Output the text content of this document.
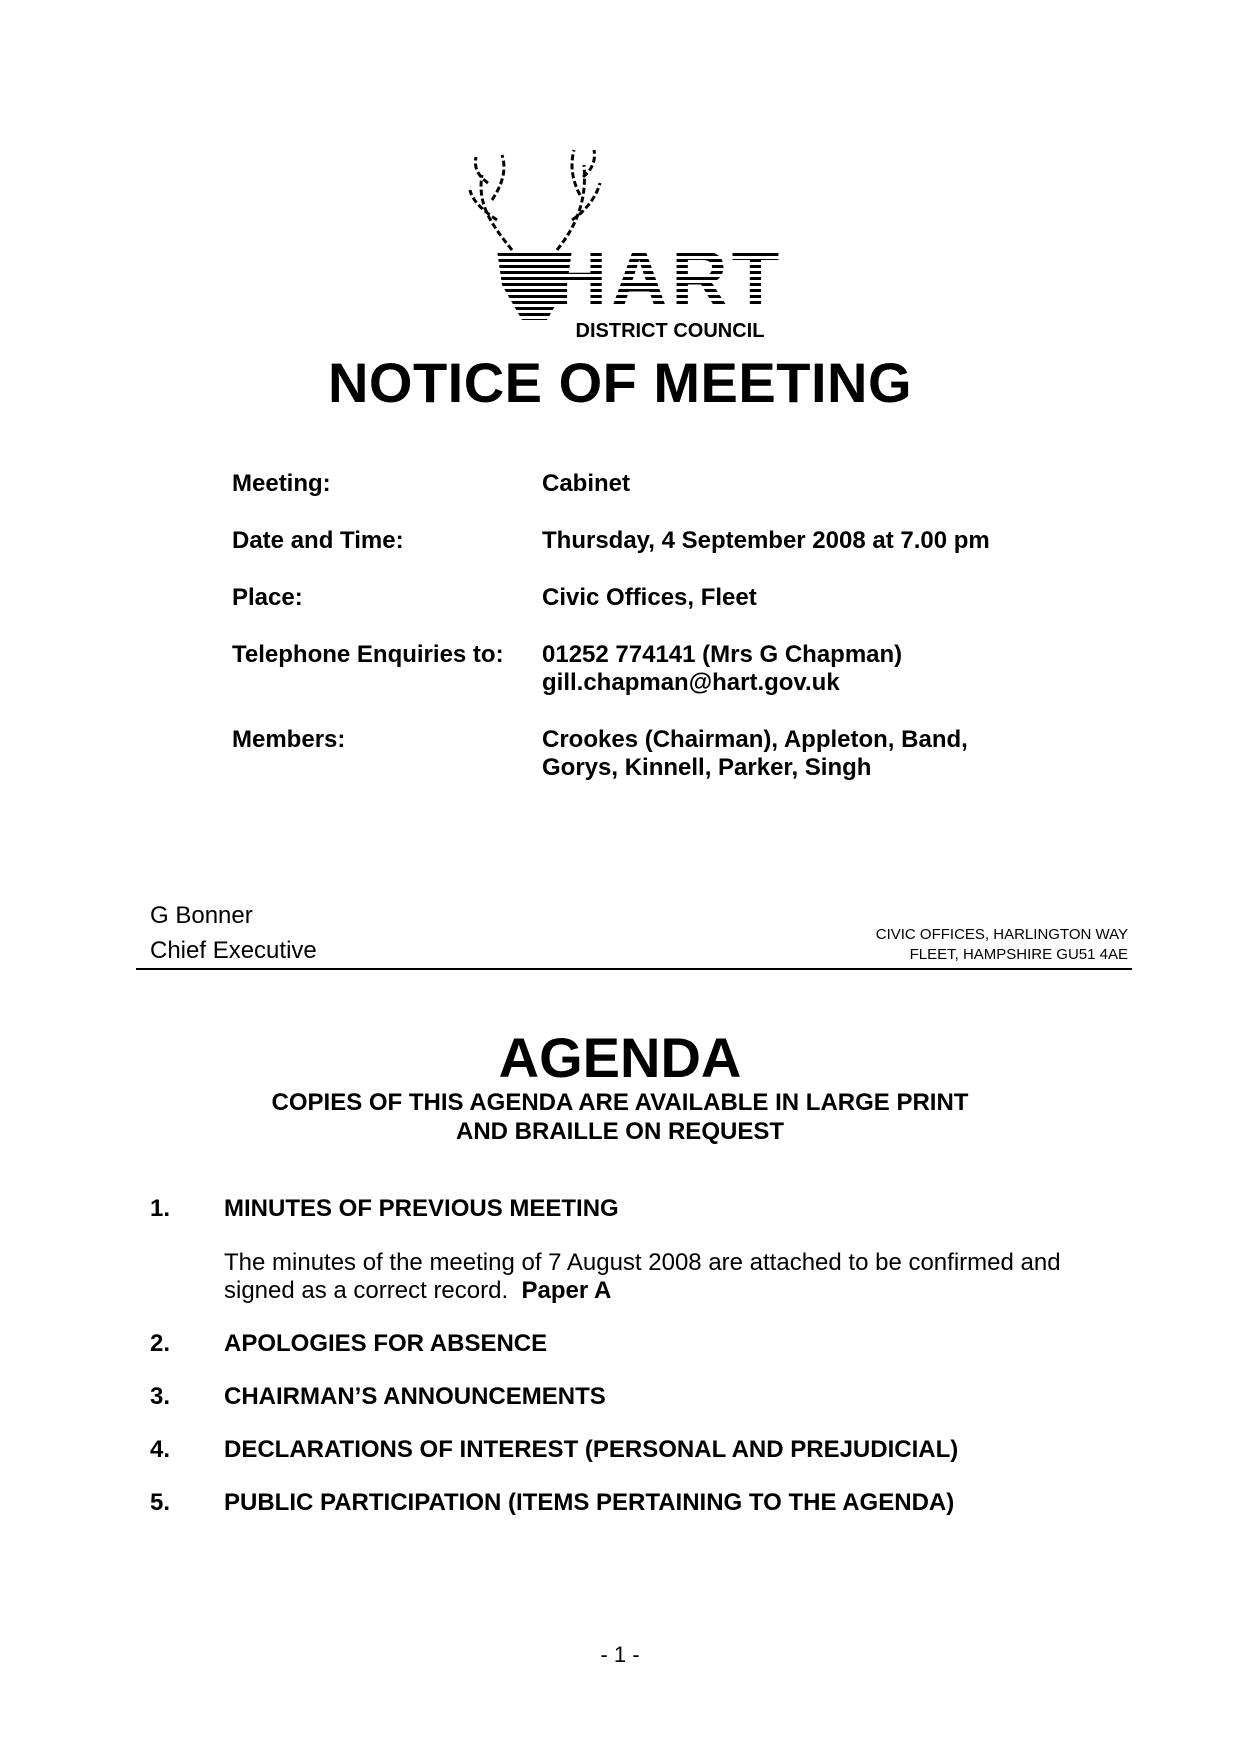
HART
DISTRICT COUNCIL
NOTICE OF MEETING
Meeting:	Cabinet
Date and Time:	Thursday, 4 September 2008 at 7.00 pm
Place:	Civic Offices, Fleet
Telephone Enquiries to:	01252 774141 (Mrs G Chapman)
gill.chapman@hart.gov.uk
Members:	Crookes (Chairman), Appleton, Band,
Gorys, Kinnell, Parker, Singh
G Bonner
Chief Executive
CIVIC OFFICES, HARLINGTON WAY
FLEET, HAMPSHIRE GU51 4AE
AGENDA
COPIES OF THIS AGENDA ARE AVAILABLE IN LARGE PRINT
AND BRAILLE ON REQUEST
1.	MINUTES OF PREVIOUS MEETING
The minutes of the meeting of 7 August 2008 are attached to be confirmed and
signed as a correct record. Paper A
2.	APOLOGIES FOR ABSENCE
3.	CHAIRMAN’S ANNOUNCEMENTS
4.	DECLARATIONS OF INTEREST (PERSONAL AND PREJUDICIAL)
5.	PUBLIC PARTICIPATION (ITEMS PERTAINING TO THE AGENDA)
- 1 -
